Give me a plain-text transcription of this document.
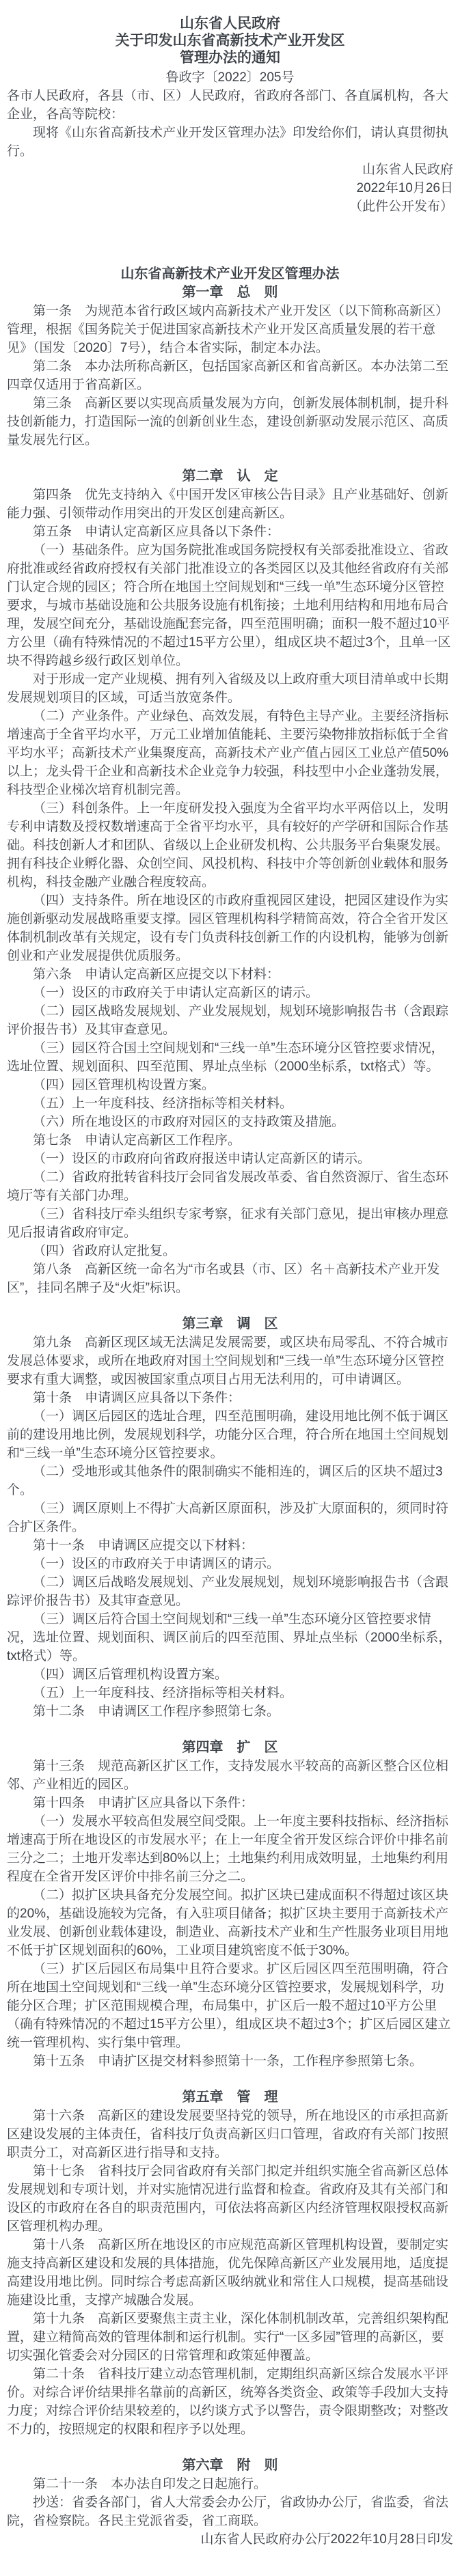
山东省人民政府
关于印发山东省高新技术产业开发区
管理办法的通知
鲁政字〔2022〕205号

各市人民政府，各县（市、区）人民政府，省政府各部门、各直属机构，各大企业，各高等院校：

现将《山东省高新技术产业开发区管理办法》印发给你们，请认真贯彻执行。

山东省人民政府
2022年10月26日
（此件公开发布）
山东省高新技术产业开发区管理办法
第一章　总　则

第一条　为规范本省行政区域内高新技术产业开发区（以下简称高新区）管理，根据《国务院关于促进国家高新技术产业开发区高质量发展的若干意见》（国发〔2020〕7号），结合本省实际，制定本办法。

第二条　本办法所称高新区，包括国家高新区和省高新区。本办法第二至四章仅适用于省高新区。

第三条　高新区要以实现高质量发展为方向，创新发展体制机制，提升科技创新能力，打造国际一流的创新创业生态，建设创新驱动发展示范区、高质量发展先行区。

第二章　认　定

第四条　优先支持纳入《中国开发区审核公告目录》且产业基础好、创新能力强、引领带动作用突出的开发区创建高新区。

第五条　申请认定高新区应具备以下条件：

（一）基础条件。应为国务院批准或国务院授权有关部委批准设立、省政府批准或经省政府授权有关部门批准设立的各类园区以及其他经省政府有关部门认定合规的园区；符合所在地国土空间规划和“三线一单”生态环境分区管控要求，与城市基础设施和公共服务设施有机衔接；土地利用结构和用地布局合理，发展空间充分，基础设施配套完备，四至范围明确；面积一般不超过10平方公里（确有特殊情况的不超过15平方公里），组成区块不超过3个，且单一区块不得跨越乡级行政区划单位。

对于形成一定产业规模、拥有列入省级及以上政府重大项目清单或中长期发展规划项目的区域，可适当放宽条件。

（二）产业条件。产业绿色、高效发展，有特色主导产业。主要经济指标增速高于全省平均水平，万元工业增加值能耗、主要污染物排放指标低于全省平均水平；高新技术产业集聚度高，高新技术产业产值占园区工业总产值50%以上；龙头骨干企业和高新技术企业竞争力较强，科技型中小企业蓬勃发展，科技型企业梯次培育机制完善。

（三）科创条件。上一年度研发投入强度为全省平均水平两倍以上，发明专利申请数及授权数增速高于全省平均水平，具有较好的产学研和国际合作基础。科技创新人才和团队、省级以上企业研发机构、公共服务平台集聚发展。拥有科技企业孵化器、众创空间、风投机构、科技中介等创新创业载体和服务机构，科技金融产业融合程度较高。

（四）支持条件。所在地设区的市政府重视园区建设，把园区建设作为实施创新驱动发展战略重要支撑。园区管理机构科学精简高效，符合全省开发区体制机制改革有关规定，设有专门负责科技创新工作的内设机构，能够为创新创业和产业发展提供优质服务。

第六条　申请认定高新区应提交以下材料：

（一）设区的市政府关于申请认定高新区的请示。

（二）园区战略发展规划、产业发展规划，规划环境影响报告书（含跟踪评价报告书）及其审查意见。

（三）园区符合国土空间规划和“三线一单”生态环境分区管控要求情况，选址位置、规划面积、四至范围、界址点坐标（2000坐标系，txt格式）等。

（四）园区管理机构设置方案。

（五）上一年度科技、经济指标等相关材料。

（六）所在地设区的市政府对园区的支持政策及措施。

第七条　申请认定高新区工作程序。

（一）设区的市政府向省政府报送申请认定高新区的请示。

（二）省政府批转省科技厅会同省发展改革委、省自然资源厅、省生态环境厅等有关部门办理。

（三）省科技厅牵头组织专家考察，征求有关部门意见，提出审核办理意见后报请省政府审定。

（四）省政府认定批复。

第八条　高新区统一命名为“市名或县（市、区）名＋高新技术产业开发区”，挂同名牌子及“火炬”标识。

第三章　调　区

第九条　高新区现区域无法满足发展需要，或区块布局零乱、不符合城市发展总体要求，或所在地政府对国土空间规划和“三线一单”生态环境分区管控要求有重大调整，或因被国家重点项目占用无法利用的，可申请调区。

第十条　申请调区应具备以下条件：

（一）调区后园区的选址合理，四至范围明确，建设用地比例不低于调区前的建设用地比例，发展规划科学，功能分区合理，符合所在地国土空间规划和“三线一单”生态环境分区管控要求。

（二）受地形或其他条件的限制确实不能相连的，调区后的区块不超过3个。

（三）调区原则上不得扩大高新区原面积，涉及扩大原面积的，须同时符合扩区条件。

第十一条　申请调区应提交以下材料：

（一）设区的市政府关于申请调区的请示。

（二）调区后战略发展规划、产业发展规划，规划环境影响报告书（含跟踪评价报告书）及其审查意见。

（三）调区后符合国土空间规划和“三线一单”生态环境分区管控要求情况，选址位置、规划面积、调区前后的四至范围、界址点坐标（2000坐标系，txt格式）等。

（四）调区后管理机构设置方案。

（五）上一年度科技、经济指标等相关材料。

第十二条　申请调区工作程序参照第七条。

第四章　扩　区

第十三条　规范高新区扩区工作，支持发展水平较高的高新区整合区位相邻、产业相近的园区。

第十四条　申请扩区应具备以下条件：

（一）发展水平较高但发展空间受限。上一年度主要科技指标、经济指标增速高于所在地设区的市发展水平；在上一年度全省开发区综合评价中排名前三分之二；土地开发率达到80%以上；土地集约利用成效明显，土地集约利用程度在全省开发区评价中排名前三分之二。

（二）拟扩区块具备充分发展空间。拟扩区块已建成面积不得超过该区块的20%，基础设施较为完备，有入驻项目储备；拟扩区块主要用于高新技术产业发展、创新创业载体建设，制造业、高新技术产业和生产性服务业项目用地不低于扩区规划面积的60%，工业项目建筑密度不低于30%。

（三）扩区后园区布局集中且符合要求。扩区后园区四至范围明确，符合所在地国土空间规划和“三线一单”生态环境分区管控要求，发展规划科学，功能分区合理；扩区范围规模合理，布局集中，扩区后一般不超过10平方公里（确有特殊情况的不超过15平方公里），组成区块不超过3个；扩区后园区建立统一管理机构、实行集中管理。

第十五条　申请扩区提交材料参照第十一条，工作程序参照第七条。

第五章　管　理

第十六条　高新区的建设发展要坚持党的领导，所在地设区的市承担高新区建设发展的主体责任，省科技厅负责高新区归口管理，省政府有关部门按照职责分工，对高新区进行指导和支持。

第十七条　省科技厅会同省政府有关部门拟定并组织实施全省高新区总体发展规划和专项计划，并对实施情况进行监督和检查。省政府及其有关部门和设区的市政府在各自的职责范围内，可依法将高新区内经济管理权限授权高新区管理机构办理。

第十八条　高新区所在地设区的市应规范高新区管理机构设置，要制定实施支持高新区建设和发展的具体措施，优先保障高新区产业发展用地，适度提高建设用地比例。同时综合考虑高新区吸纳就业和常住人口规模，提高基础设施建设比重，支撑产城融合发展。

第十九条　高新区要聚焦主责主业，深化体制机制改革，完善组织架构配置，建立精简高效的管理体制和运行机制。实行“一区多园”管理的高新区，要切实强化管委会对分园区的日常管理和政策延伸覆盖。

第二十条　省科技厅建立动态管理机制，定期组织高新区综合发展水平评价。对综合评价结果排名靠前的高新区，统筹各类资金、政策等手段加大支持力度；对综合评价结果较差的，以约谈方式予以警告，责令限期整改；对整改不力的，按照规定的权限和程序予以处理。

第六章　附　则

第二十一条　本办法自印发之日起施行。

抄送：省委各部门，省人大常委会办公厅，省政协办公厅，省监委，省法院，省检察院。各民主党派省委，省工商联。

山东省人民政府办公厅2022年10月28日印发
